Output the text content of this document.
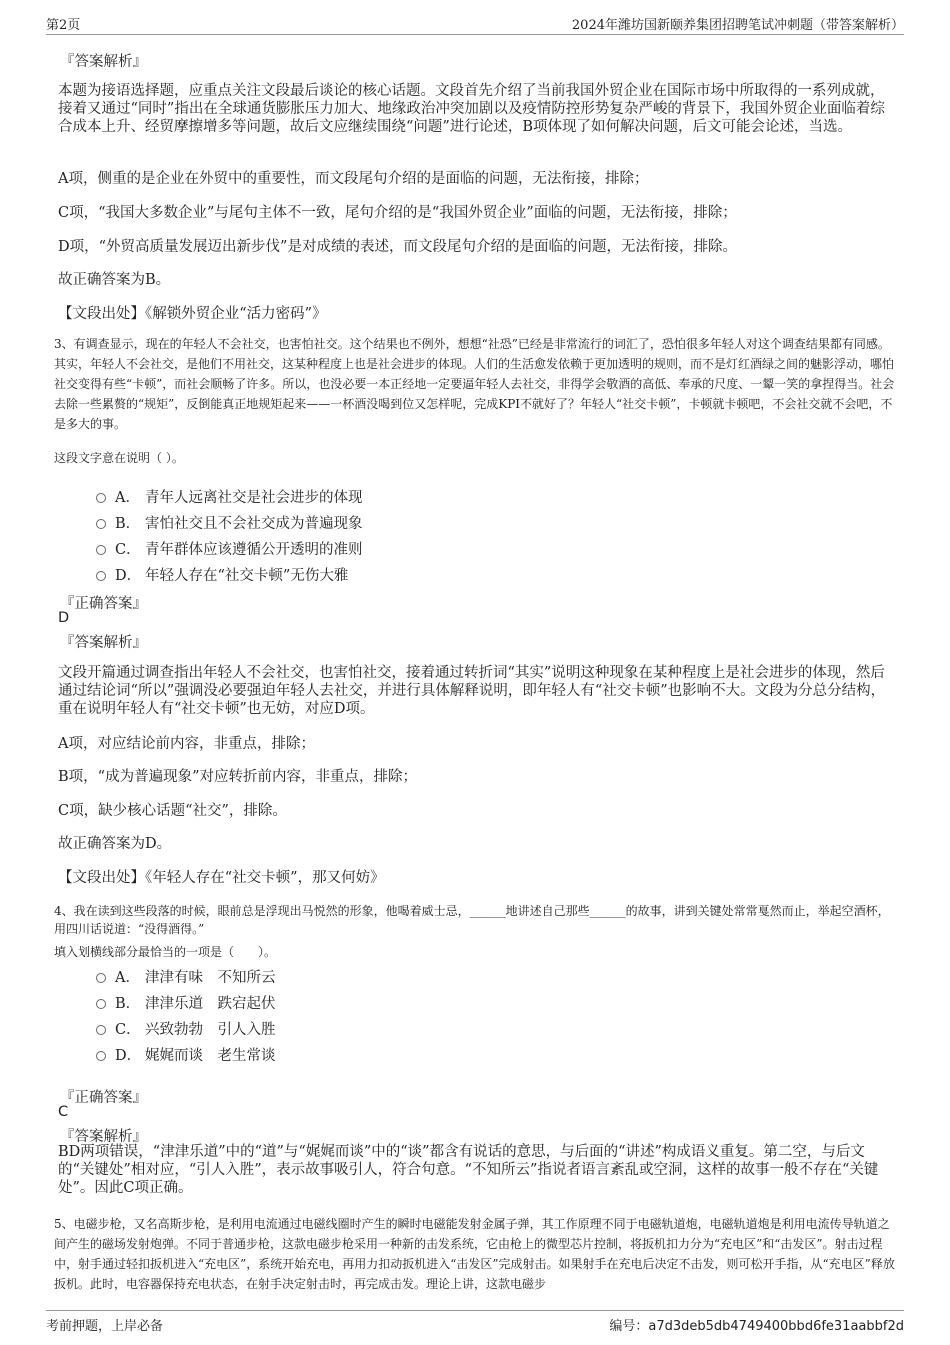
第2页	2024年潍坊国新颐养集团招聘笔试冲刺题（带答案解析）
『答案解析』
本题为接语选择题，应重点关注文段最后谈论的核心话题。文段首先介绍了当前我国外贸企业在国际市场中所取得的一系列成就，接着又通过“同时”指出在全球通货膨胀压力加大、地缘政治冲突加剧以及疫情防控形势复杂严峻的背景下，我国外贸企业面临着综合成本上升、经贸摩擦增多等问题，故后文应继续围绕“问题”进行论述，B项体现了如何解决问题，后文可能会论述，当选。
A项，侧重的是企业在外贸中的重要性，而文段尾句介绍的是面临的问题，无法衔接，排除；
C项，“我国大多数企业”与尾句主体不一致，尾句介绍的是“我国外贸企业”面临的问题，无法衔接，排除；
D项，“外贸高质量发展迈出新步伐”是对成绩的表述，而文段尾句介绍的是面临的问题，无法衔接，排除。
故正确答案为B。
【文段出处】《解锁外贸企业“活力密码”》
3、有调查显示，现在的年轻人不会社交，也害怕社交。这个结果也不例外，想想“社恐”已经是非常流行的词汇了，恐怕很多年轻人对这个调查结果都有同感。其实，年轻人不会社交，是他们不用社交，这某种程度上也是社会进步的体现。人们的生活愈发依赖于更加透明的规则，而不是灯红酒绿之间的魅影浮动，哪怕社交变得有些“卡顿”，而社会顺畅了许多。所以，也没必要一本正经地一定要逼年轻人去社交，非得学会敬酒的高低、奉承的尺度、一颦一笑的拿捏得当。社会去除一些累赘的“规矩”，反倒能真正地规矩起来——一杯酒没喝到位又怎样呢，完成KPI不就好了？年轻人“社交卡顿”，卡顿就卡顿吧，不会社交就不会吧，不是多大的事。
这段文字意在说明（ ）。
A． 青年人远离社交是社会进步的体现
B． 害怕社交且不会社交成为普遍现象
C． 青年群体应该遵循公开透明的准则
D． 年轻人存在“社交卡顿”无伤大雅
『正确答案』
D
『答案解析』
文段开篇通过调查指出年轻人不会社交，也害怕社交，接着通过转折词“其实”说明这种现象在某种程度上是社会进步的体现，然后通过结论词“所以”强调没必要强迫年轻人去社交，并进行具体解释说明，即年轻人有“社交卡顿”也影响不大。文段为分总分结构，重在说明年轻人有“社交卡顿”也无妨，对应D项。
A项，对应结论前内容，非重点，排除；
B项，“成为普遍现象”对应转折前内容，非重点，排除；
C项，缺少核心话题“社交”，排除。
故正确答案为D。
【文段出处】《年轻人存在“社交卡顿”，那又何妨》
4、我在读到这些段落的时候，眼前总是浮现出马悦然的形象，他喝着威士忌，______地讲述自己那些______的故事，讲到关键处常常戛然而止，举起空酒杯，用四川话说道：“没得酒得。”
填入划横线部分最恰当的一项是（　　）。
A． 津津有味　不知所云
B． 津津乐道　跌宕起伏
C． 兴致勃勃　引人入胜
D． 娓娓而谈　老生常谈
『正确答案』
C
『答案解析』
BD两项错误，“津津乐道”中的“道”与“娓娓而谈”中的“谈”都含有说话的意思，与后面的“讲述”构成语义重复。第二空，与后文的“关键处”相对应，“引人入胜”，表示故事吸引人，符合句意。“不知所云”指说者语言紊乱或空洞，这样的故事一般不存在“关键处”。因此C项正确。
5、电磁步枪，又名高斯步枪，是利用电流通过电磁线圈时产生的瞬时电磁能发射金属子弹，其工作原理不同于电磁轨道炮，电磁轨道炮是利用电流传导轨道之间产生的磁场发射炮弹。不同于普通步枪，这款电磁步枪采用一种新的击发系统，它由枪上的微型芯片控制，将扳机扣力分为“充电区”和“击发区”。射击过程中，射手通过轻扣扳机进入“充电区”，系统开始充电，再用力扣动扳机进入“击发区”完成射击。如果射手在充电后决定不击发，则可松开手指，从“充电区”释放扳机。此时，电容器保持充电状态，在射手决定射击时，再完成击发。理论上讲，这款电磁步
考前押题，上岸必备	编号：a7d3deb5db4749400bbd6fe31aabbf2d
